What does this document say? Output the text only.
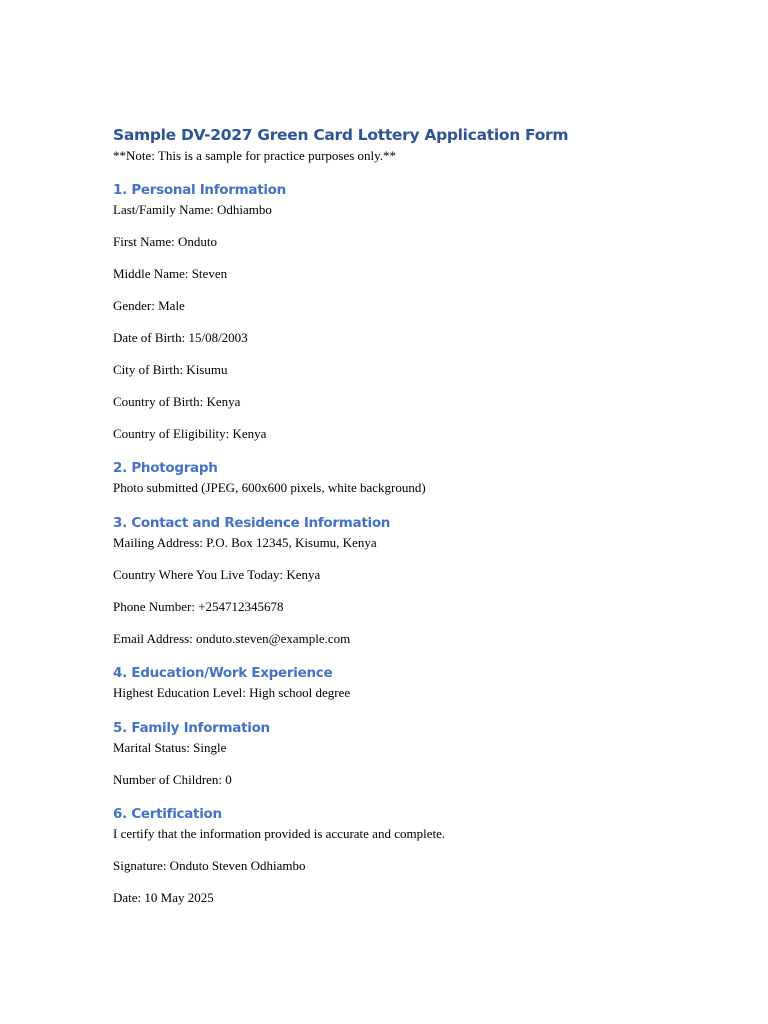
Sample DV-2027 Green Card Lottery Application Form

**Note: This is a sample for practice purposes only.**

1. Personal Information

Last/Family Name: Odhiambo

First Name: Onduto

Middle Name: Steven

Gender: Male

Date of Birth: 15/08/2003

City of Birth: Kisumu

Country of Birth: Kenya

Country of Eligibility: Kenya

2. Photograph

Photo submitted (JPEG, 600x600 pixels, white background)

3. Contact and Residence Information

Mailing Address: P.O. Box 12345, Kisumu, Kenya

Country Where You Live Today: Kenya

Phone Number: +254712345678

Email Address: onduto.steven@example.com

4. Education/Work Experience

Highest Education Level: High school degree

5. Family Information

Marital Status: Single

Number of Children: 0

6. Certification

I certify that the information provided is accurate and complete.

Signature: Onduto Steven Odhiambo

Date: 10 May 2025
